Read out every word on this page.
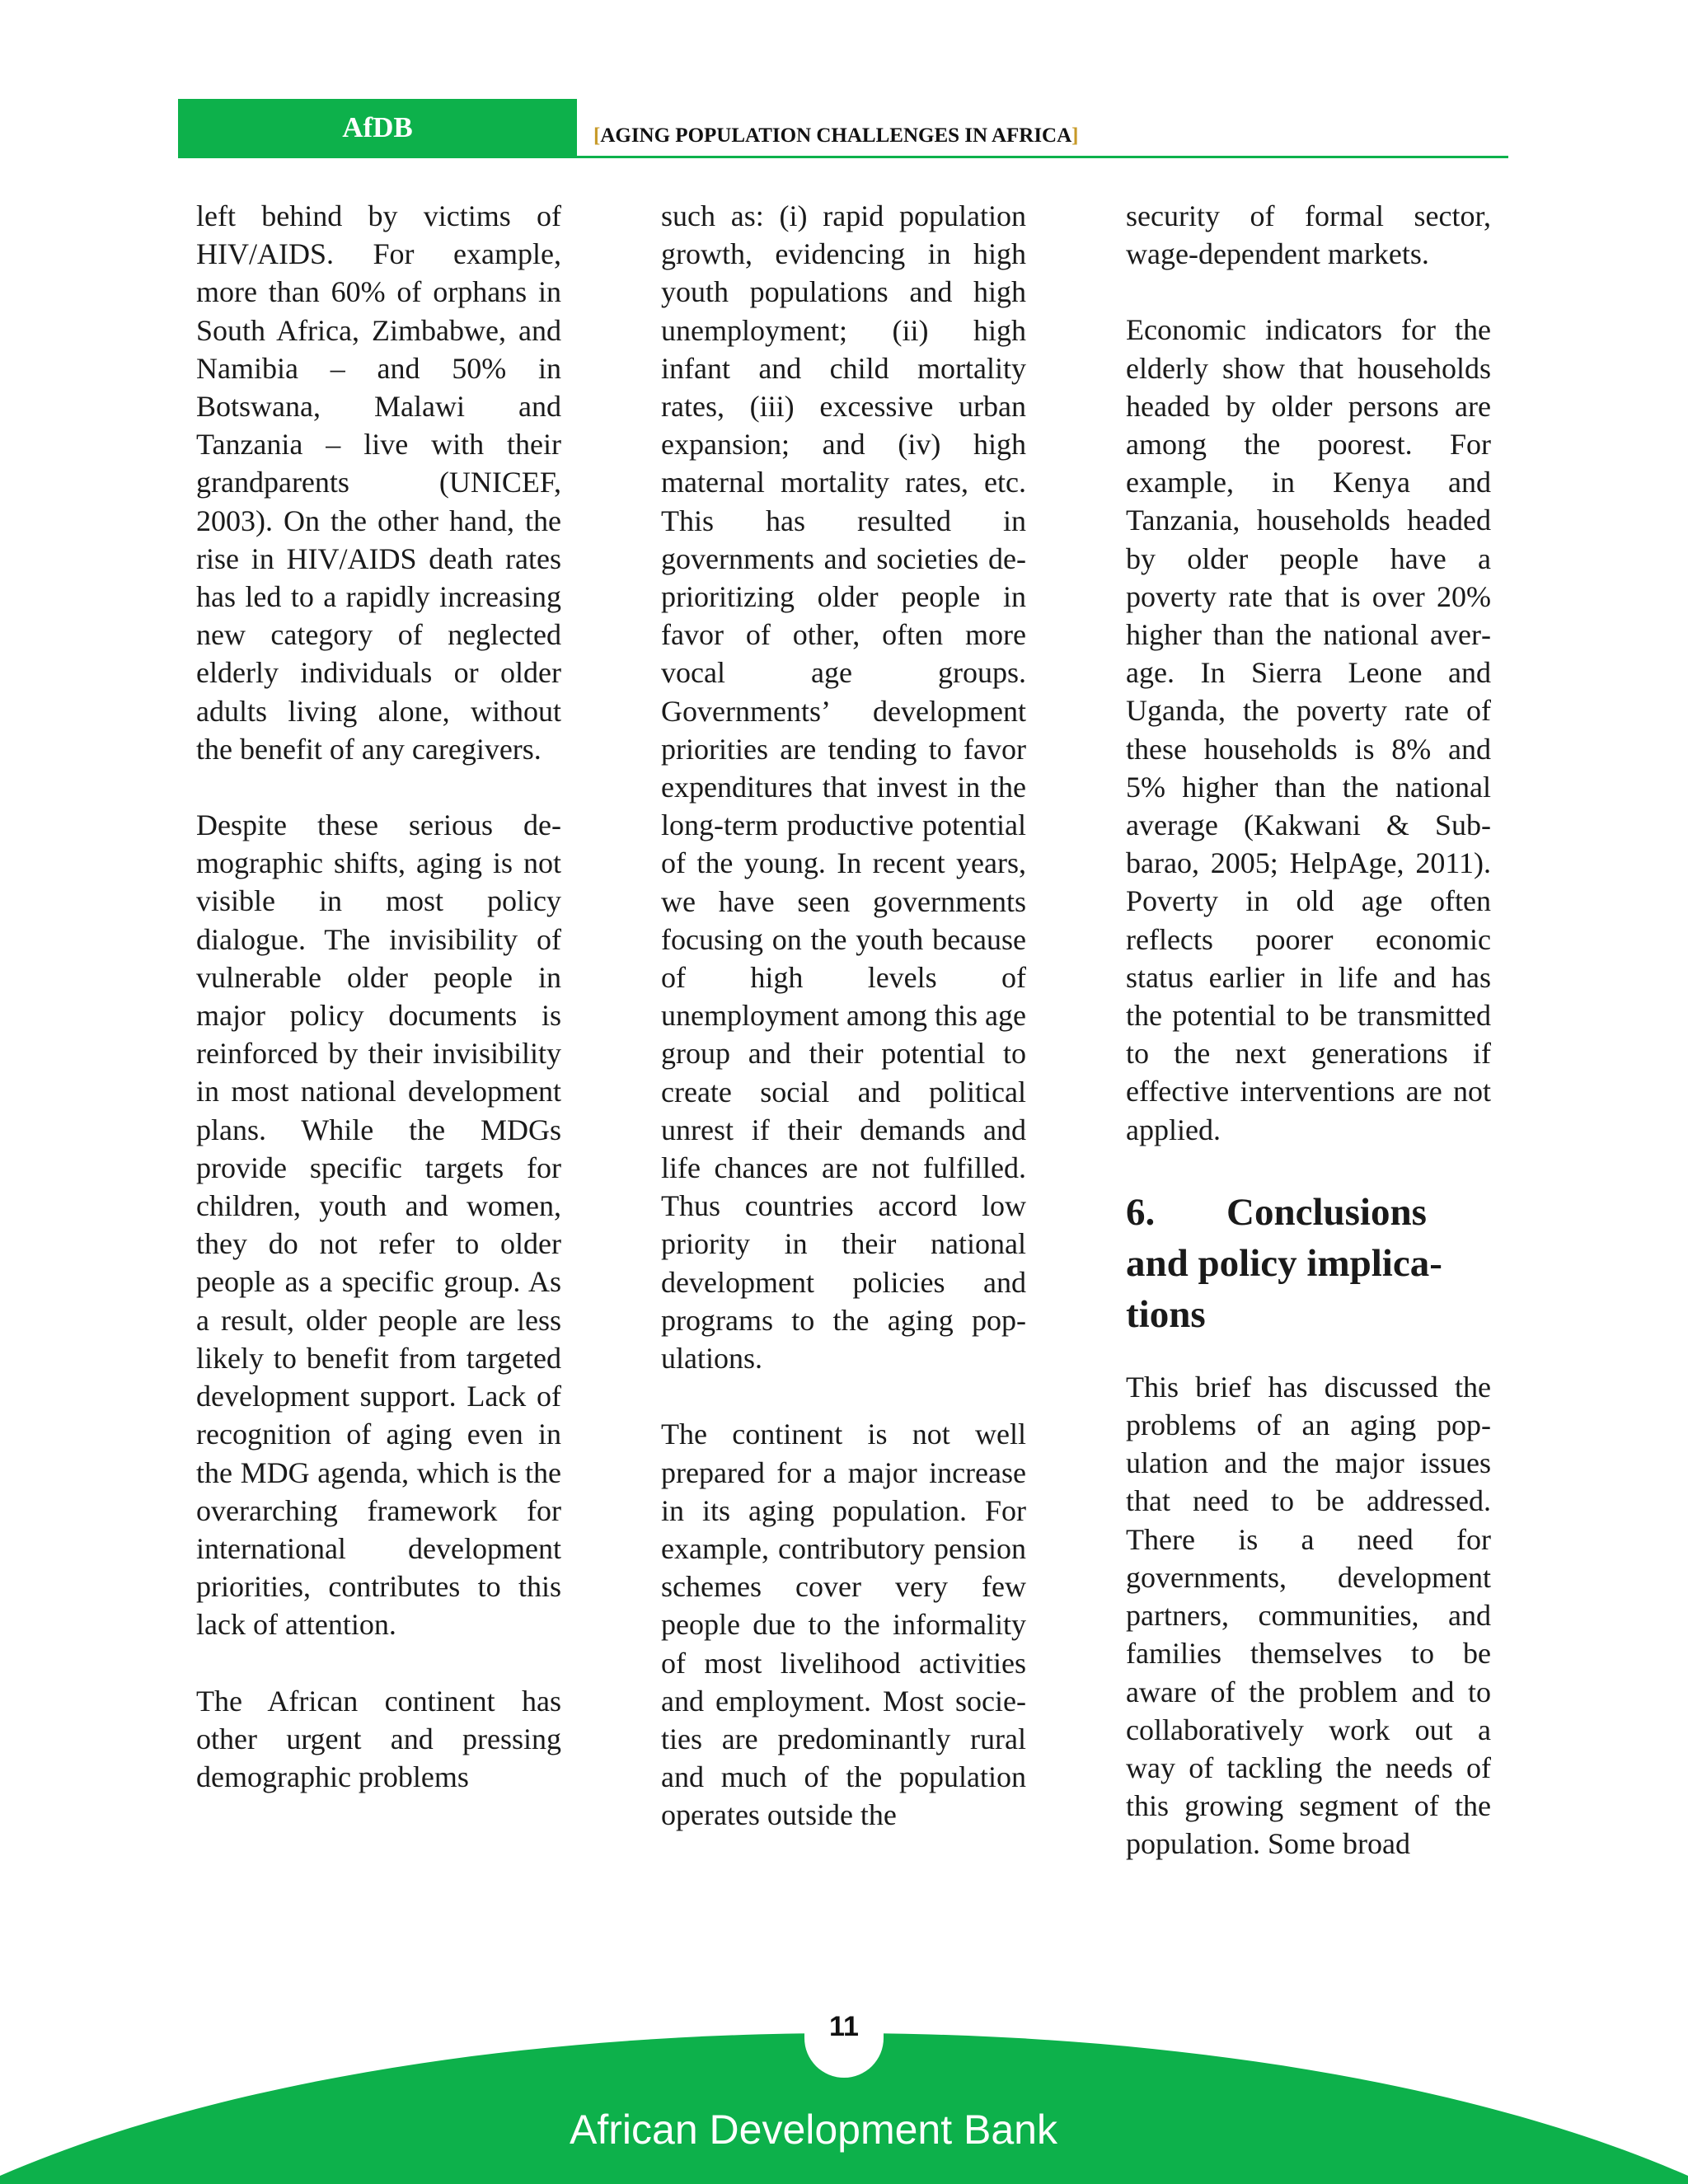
AfDB	[AGING POPULATION CHALLENGES IN AFRICA]

left behind by victims of HIV/AIDS. For example, more than 60% of orphans in South Africa, Zimbabwe, and Namibia – and 50% in Botswana, Malawi and Tanzania – live with their grandparents (UNICEF, 2003). On the other hand, the rise in HIV/AIDS death rates has led to a rapidly increasing new category of neglected elderly individuals or older adults living alone, without the benefit of any caregivers.

Despite these serious demographic shifts, aging is not visible in most policy dialogue. The invisibility of vulnerable older people in major policy documents is reinforced by their invisibility in most national development plans. While the MDGs provide specific targets for children, youth and women, they do not refer to older people as a specific group. As a result, older people are less likely to benefit from targeted development support. Lack of recognition of aging even in the MDG agenda, which is the overarching framework for international development priorities, contributes to this lack of attention.

The African continent has other urgent and pressing demographic problems

such as: (i) rapid population growth, evidencing in high youth populations and high unemployment; (ii) high infant and child mortality rates, (iii) excessive urban expansion; and (iv) high maternal mortality rates, etc. This has resulted in governments and societies de-prioritizing older people in favor of other, often more vocal age groups. Governments’ development priorities are tending to favor expenditures that invest in the long-term productive potential of the young. In recent years, we have seen governments focusing on the youth because of high levels of unemployment among this age group and their potential to create social and political unrest if their demands and life chances are not fulfilled. Thus countries accord low priority in their national development policies and programs to the aging populations.

The continent is not well prepared for a major increase in its aging population. For example, contributory pension schemes cover very few people due to the informality of most livelihood activities and employment. Most societies are predominantly rural and much of the population operates outside the

security of formal sector, wage-dependent markets.

Economic indicators for the elderly show that households headed by older persons are among the poorest. For example, in Kenya and Tanzania, households headed by older people have a poverty rate that is over 20% higher than the national average. In Sierra Leone and Uganda, the poverty rate of these households is 8% and 5% higher than the national average (Kakwani & Subbarao, 2005; HelpAge, 2011). Poverty in old age often reflects poorer economic status earlier in life and has the potential to be transmitted to the next generations if effective interventions are not applied.

6. Conclusions and policy implications

This brief has discussed the problems of an aging population and the major issues that need to be addressed. There is a need for governments, development partners, communities, and families themselves to be aware of the problem and to collaboratively work out a way of tackling the needs of this growing segment of the population. Some broad

11
African Development Bank
